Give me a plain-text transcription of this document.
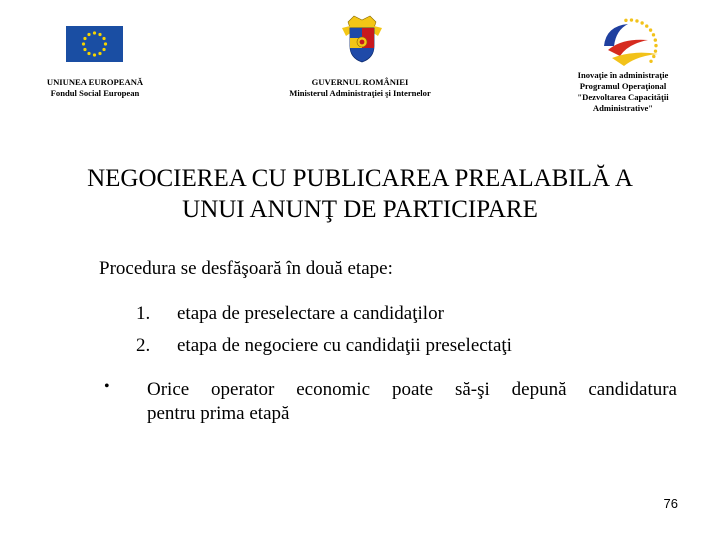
UNIUNEA EUROPEANĂ
Fondul Social European
GUVERNUL ROMÂNIEI
Ministerul Administraţiei şi Internelor
Inovaţie în administraţie
Programul Operaţional
"Dezvoltarea Capacităţii
Administrative"
NEGOCIEREA CU PUBLICAREA PREALABILĂ A
UNUI ANUNŢ DE PARTICIPARE
Procedura se desfăşoară în două etape:
1.	etapa de preselectare a candidaţilor
2.	etapa de negociere cu candidaţii preselectaţi
• Orice operator economic poate să-şi depună candidatura
pentru prima etapă
76
